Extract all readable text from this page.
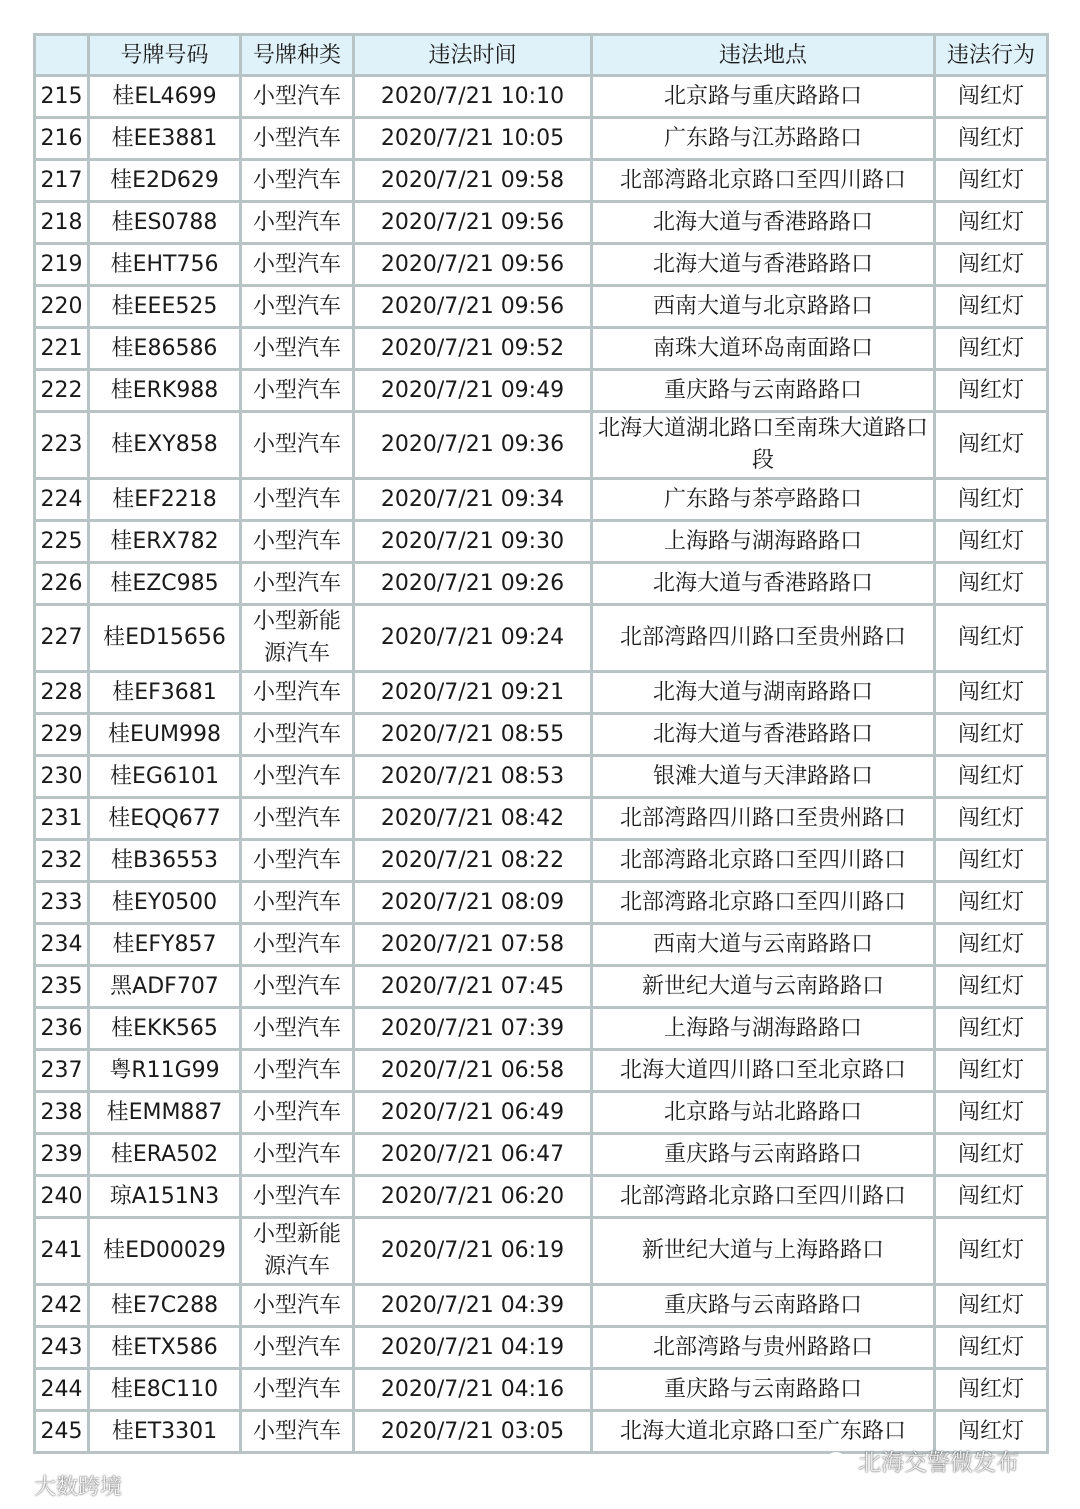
	号牌号码	号牌种类	违法时间	违法地点	违法行为
215	桂EL4699	小型汽车	2020/7/21 10:10	北京路与重庆路路口	闯红灯
216	桂EE3881	小型汽车	2020/7/21 10:05	广东路与江苏路路口	闯红灯
217	桂E2D629	小型汽车	2020/7/21 09:58	北部湾路北京路口至四川路口	闯红灯
218	桂ES0788	小型汽车	2020/7/21 09:56	北海大道与香港路路口	闯红灯
219	桂EHT756	小型汽车	2020/7/21 09:56	北海大道与香港路路口	闯红灯
220	桂EEE525	小型汽车	2020/7/21 09:56	西南大道与北京路路口	闯红灯
221	桂E86586	小型汽车	2020/7/21 09:52	南珠大道环岛南面路口	闯红灯
222	桂ERK988	小型汽车	2020/7/21 09:49	重庆路与云南路路口	闯红灯
223	桂EXY858	小型汽车	2020/7/21 09:36	北海大道湖北路口至南珠大道路口段	闯红灯
224	桂EF2218	小型汽车	2020/7/21 09:34	广东路与茶亭路路口	闯红灯
225	桂ERX782	小型汽车	2020/7/21 09:30	上海路与湖海路路口	闯红灯
226	桂EZC985	小型汽车	2020/7/21 09:26	北海大道与香港路路口	闯红灯
227	桂ED15656	小型新能源汽车	2020/7/21 09:24	北部湾路四川路口至贵州路口	闯红灯
228	桂EF3681	小型汽车	2020/7/21 09:21	北海大道与湖南路路口	闯红灯
229	桂EUM998	小型汽车	2020/7/21 08:55	北海大道与香港路路口	闯红灯
230	桂EG6101	小型汽车	2020/7/21 08:53	银滩大道与天津路路口	闯红灯
231	桂EQQ677	小型汽车	2020/7/21 08:42	北部湾路四川路口至贵州路口	闯红灯
232	桂B36553	小型汽车	2020/7/21 08:22	北部湾路北京路口至四川路口	闯红灯
233	桂EY0500	小型汽车	2020/7/21 08:09	北部湾路北京路口至四川路口	闯红灯
234	桂EFY857	小型汽车	2020/7/21 07:58	西南大道与云南路路口	闯红灯
235	黑ADF707	小型汽车	2020/7/21 07:45	新世纪大道与云南路路口	闯红灯
236	桂EKK565	小型汽车	2020/7/21 07:39	上海路与湖海路路口	闯红灯
237	粤R11G99	小型汽车	2020/7/21 06:58	北海大道四川路口至北京路口	闯红灯
238	桂EMM887	小型汽车	2020/7/21 06:49	北京路与站北路路口	闯红灯
239	桂ERA502	小型汽车	2020/7/21 06:47	重庆路与云南路路口	闯红灯
240	琼A151N3	小型汽车	2020/7/21 06:20	北部湾路北京路口至四川路口	闯红灯
241	桂ED00029	小型新能源汽车	2020/7/21 06:19	新世纪大道与上海路路口	闯红灯
242	桂E7C288	小型汽车	2020/7/21 04:39	重庆路与云南路路口	闯红灯
243	桂ETX586	小型汽车	2020/7/21 04:19	北部湾路与贵州路路口	闯红灯
244	桂E8C110	小型汽车	2020/7/21 04:16	重庆路与云南路路口	闯红灯
245	桂ET3301	小型汽车	2020/7/21 03:05	北海大道北京路口至广东路口	闯红灯
大数跨境
北海交警微发布
